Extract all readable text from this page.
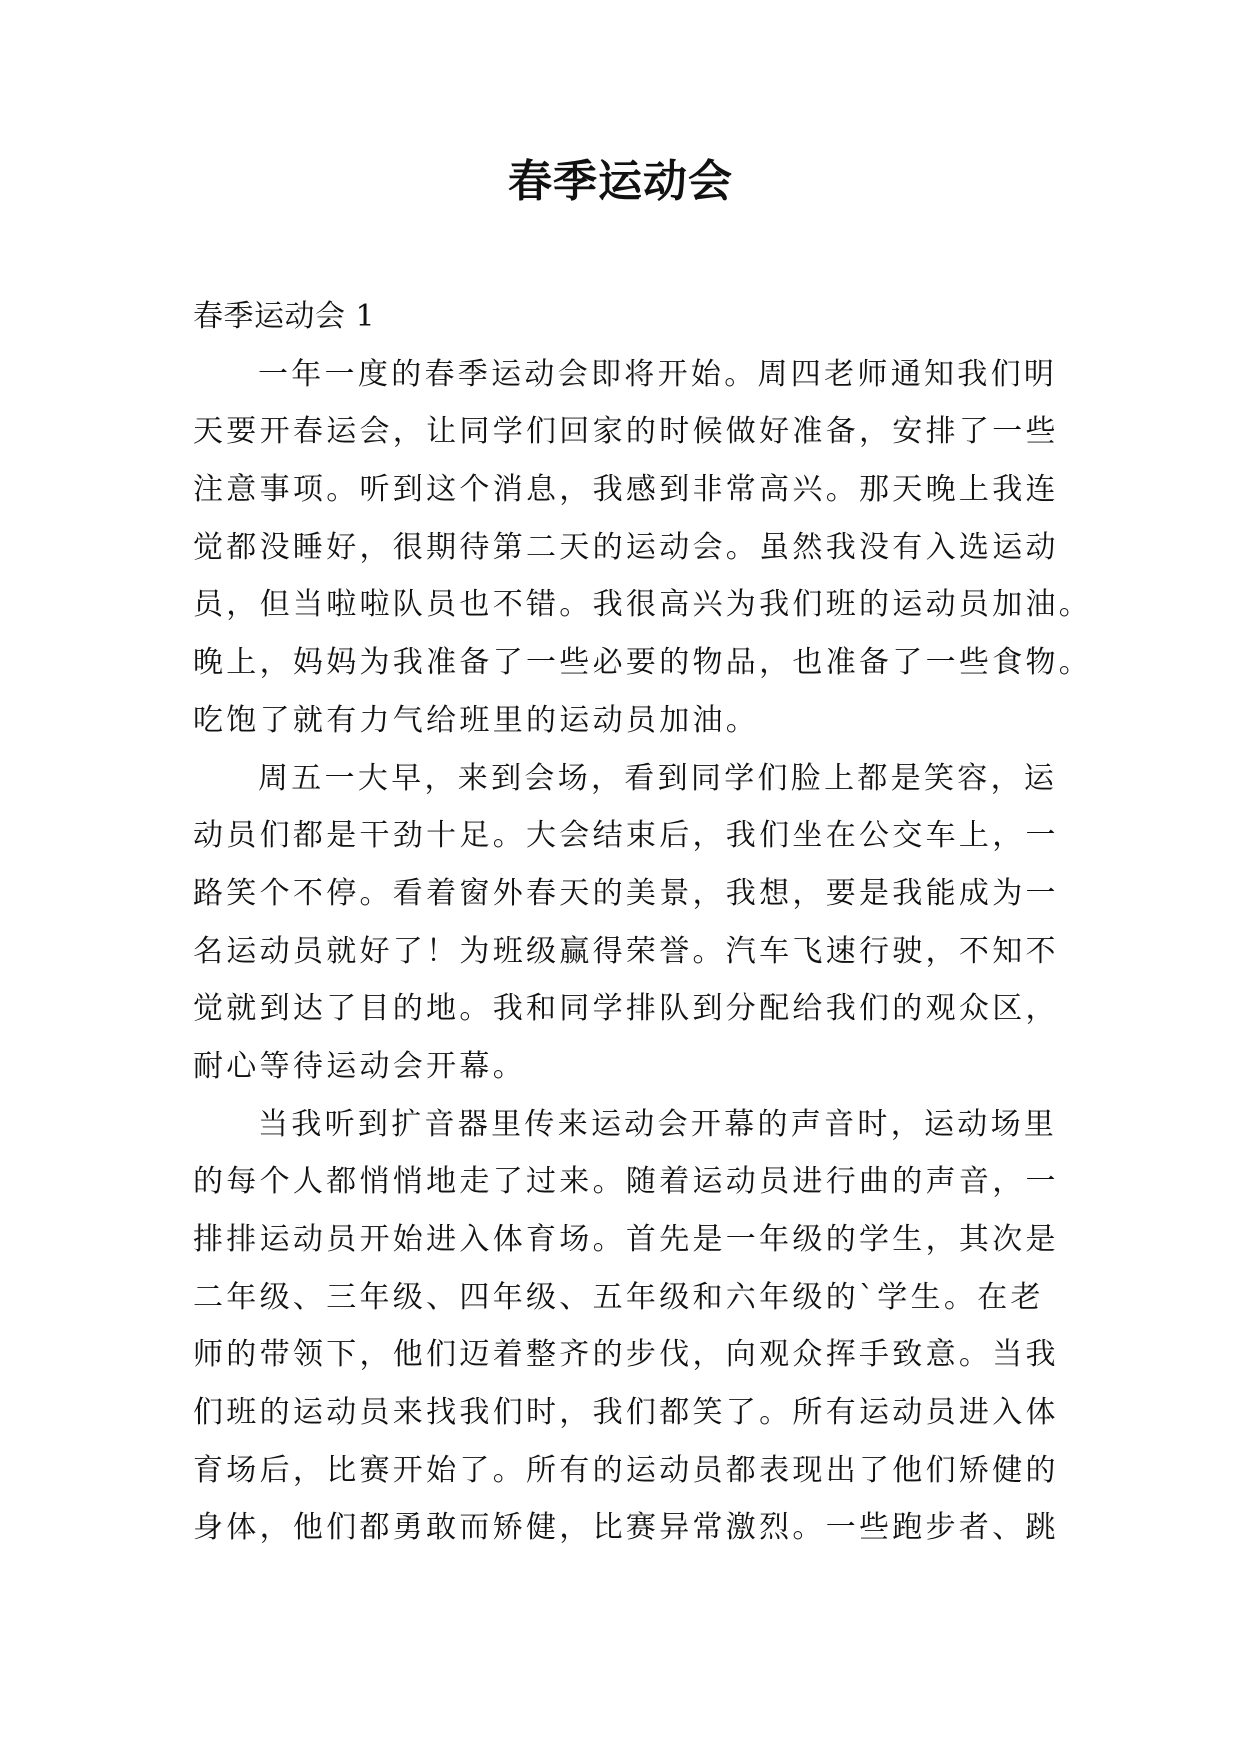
春季运动会
春季运动会 1
一年一度的春季运动会即将开始。周四老师通知我们明
天要开春运会，让同学们回家的时候做好准备，安排了一些
注意事项。听到这个消息，我感到非常高兴。那天晚上我连
觉都没睡好，很期待第二天的运动会。虽然我没有入选运动
员，但当啦啦队员也不错。我很高兴为我们班的运动员加油。
晚上，妈妈为我准备了一些必要的物品，也准备了一些食物。
吃饱了就有力气给班里的运动员加油。
周五一大早，来到会场，看到同学们脸上都是笑容，运
动员们都是干劲十足。大会结束后，我们坐在公交车上，一
路笑个不停。看着窗外春天的美景，我想，要是我能成为一
名运动员就好了！为班级赢得荣誉。汽车飞速行驶，不知不
觉就到达了目的地。我和同学排队到分配给我们的观众区，
耐心等待运动会开幕。
当我听到扩音器里传来运动会开幕的声音时，运动场里
的每个人都悄悄地走了过来。随着运动员进行曲的声音，一
排排运动员开始进入体育场。首先是一年级的学生，其次是
二年级、三年级、四年级、五年级和六年级的`学生。在老
师的带领下，他们迈着整齐的步伐，向观众挥手致意。当我
们班的运动员来找我们时，我们都笑了。所有运动员进入体
育场后，比赛开始了。所有的运动员都表现出了他们矫健的
身体，他们都勇敢而矫健，比赛异常激烈。一些跑步者、跳
